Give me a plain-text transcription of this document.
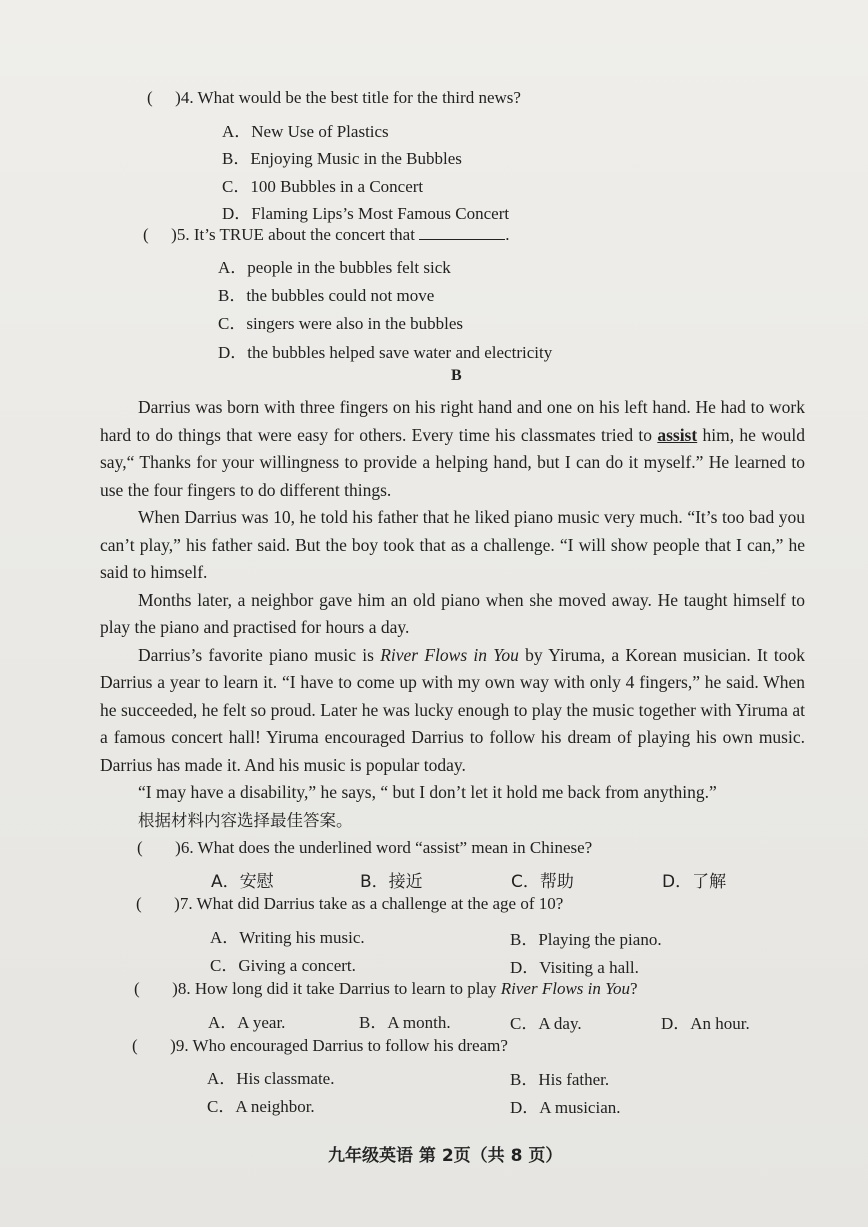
( )4. What would be the best title for the third news?
A．New Use of Plastics
B．Enjoying Music in the Bubbles
C．100 Bubbles in a Concert
D．Flaming Lips’s Most Famous Concert
( )5. It’s TRUE about the concert that	.
A．people in the bubbles felt sick
B．the bubbles could not move
C．singers were also in the bubbles
D．the bubbles helped save water and electricity
B

Darrius was born with three fingers on his right hand and one on his left hand. He had to work hard to do things that were easy for others. Every time his classmates tried to assist him, he would say,“ Thanks for your willingness to provide a helping hand, but I can do it myself.” He learned to use the four fingers to do different things.

When Darrius was 10, he told his father that he liked piano music very much. “It’s too bad you can’t play,” his father said. But the boy took that as a challenge. “I will show people that I can,” he said to himself.

Months later, a neighbor gave him an old piano when she moved away. He taught himself to play the piano and practised for hours a day.

Darrius’s favorite piano music is River Flows in You by Yiruma, a Korean musician. It took Darrius a year to learn it. “I have to come up with my own way with only 4 fingers,” he said. When he succeeded, he felt so proud. Later he was lucky enough to play the music together with Yiruma at a famous concert hall! Yiruma encouraged Darrius to follow his dream of playing his own music. Darrius has made it. And his music is popular today.

“I may have a disability,” he says, “ but I don’t let it hold me back from anything.”

根据材料内容选择最佳答案。

( )6. What does the underlined word “assist” mean in Chinese?
A．安慰	B．接近	C．帮助	D．了解
( )7. What did Darrius take as a challenge at the age of 10?
A．Writing his music.	B．Playing the piano.
C．Giving a concert.	D．Visiting a hall.
( )8. How long did it take Darrius to learn to play River Flows in You?
A．A year.	B．A month.	C．A day.	D．An hour.
( )9. Who encouraged Darrius to follow his dream?
A．His classmate.	B．His father.
C．A neighbor.	D．A musician.
九年级英语 第 2页（共 8 页）
